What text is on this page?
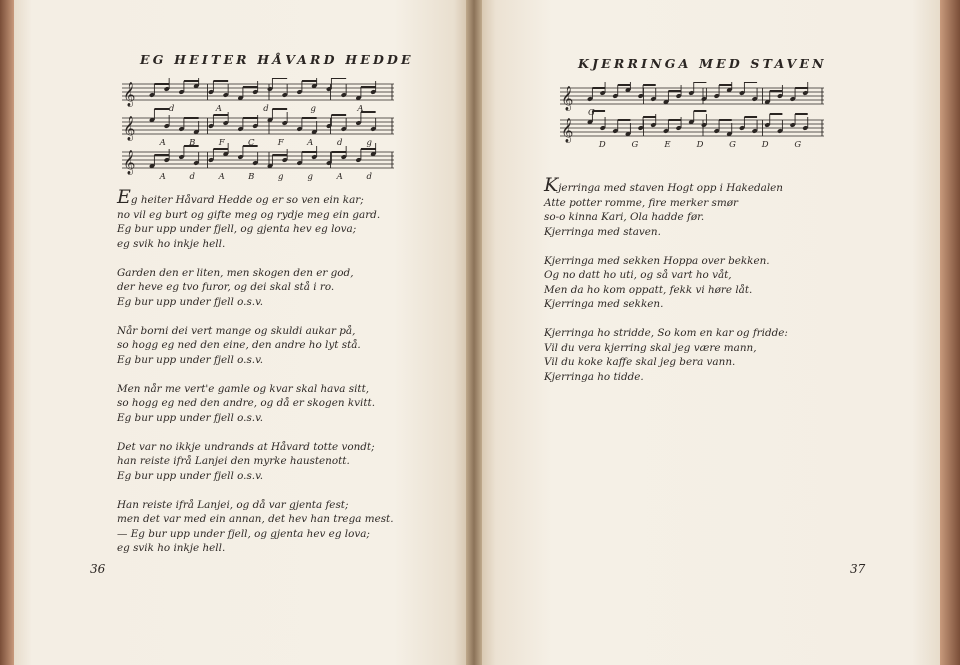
EG HEITER HÅVARD HEDDE
𝄞
d	A	d	g	A
𝄞
A	B	F	C	F	A	d	g
𝄞
A	d	A	B	g	g	A	d
Eg heiter Håvard Hedde og er so ven ein kar;
no vil eg burt og gifte meg og rydje meg ein gard.
Eg bur upp under fjell, og gjenta hev eg lova;
eg svik ho inkje hell.
Garden den er liten, men skogen den er god,
der heve eg tvo furor, og dei skal stå i ro.
Eg bur upp under fjell o.s.v.
Når borni dei vert mange og skuldi aukar på,
so hogg eg ned den eine, den andre ho lyt stå.
Eg bur upp under fjell o.s.v.
Men når me vert'e gamle og kvar skal hava sitt,
so hogg eg ned den andre, og då er skogen kvitt.
Eg bur upp under fjell o.s.v.
Det var no ikkje undrands at Håvard totte vondt;
han reiste ifrå Lanjei den myrke haustenott.
Eg bur upp under fjell o.s.v.
Han reiste ifrå Lanjei, og då var gjenta fest;
men det var med ein annan, det hev han trega mest.
— Eg bur upp under fjell, og gjenta hev eg lova;
eg svik ho inkje hell.

36

KJERRINGA MED STAVEN
𝄞
𝄞
D	G	E	D	G	D	G
G
Kjerringa med staven Hogt opp i Hakedalen
Atte potter romme, fire merker smør
so-o kinna Kari, Ola hadde før.
Kjerringa med staven.
Kjerringa med sekken Hoppa over bekken.
Og no datt ho uti, og så vart ho våt,
Men da ho kom oppatt, fekk vi høre låt.
Kjerringa med sekken.
Kjerringa ho stridde, So kom en kar og fridde:
Vil du vera kjerring skal jeg være mann,
Vil du koke kaffe skal jeg bera vann.
Kjerringa ho tidde.

37
